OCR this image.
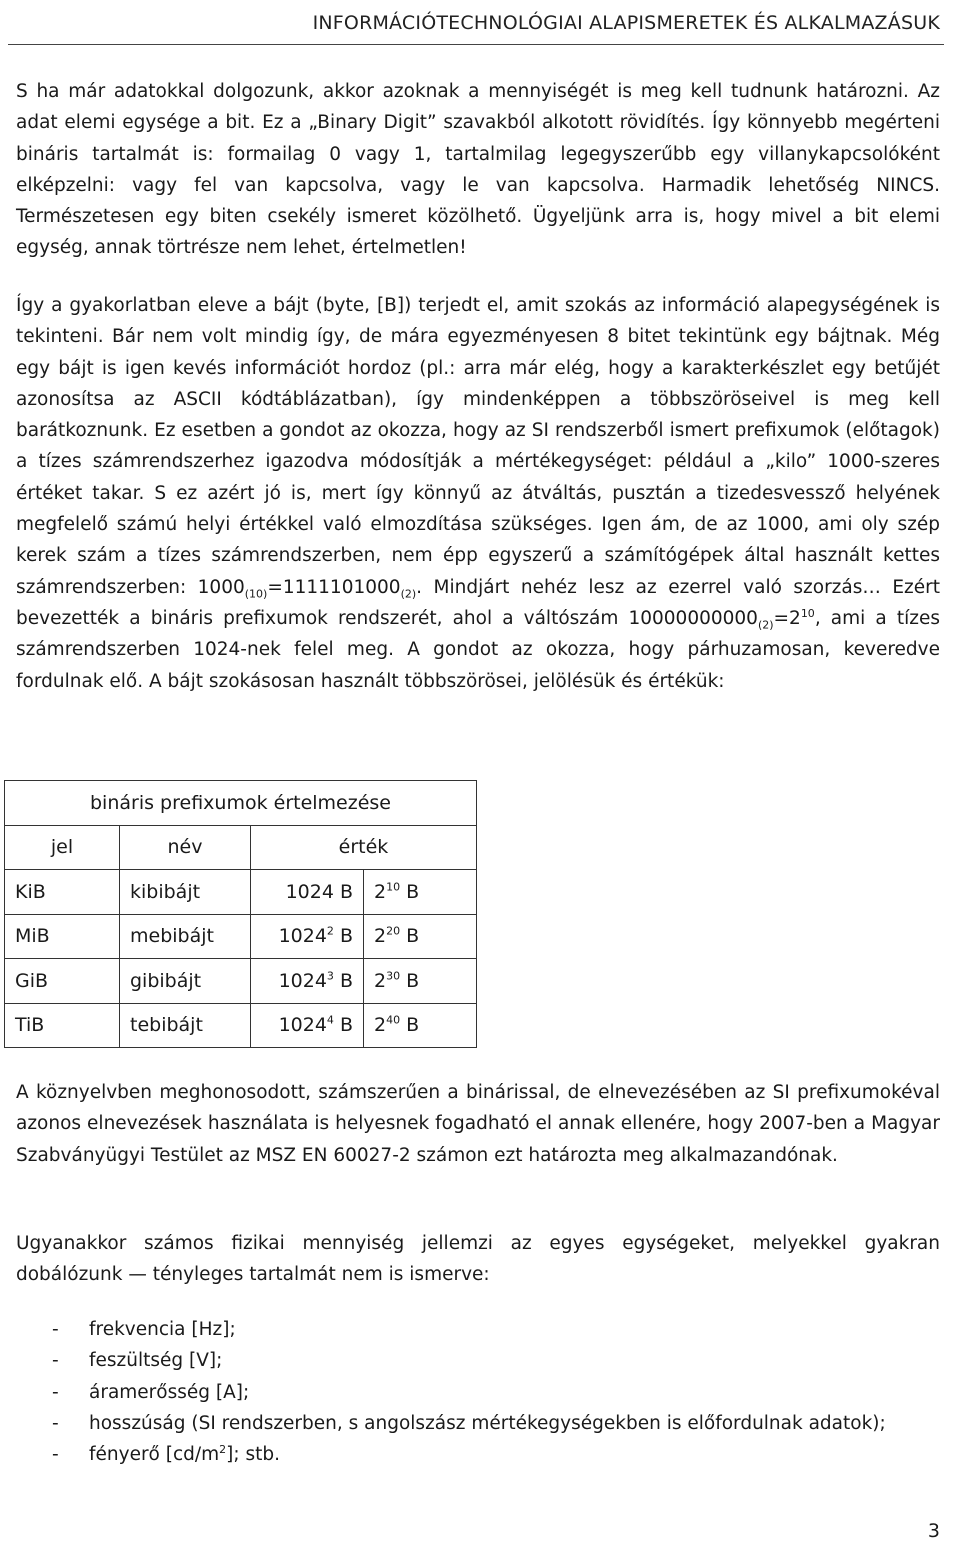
INFORMÁCIÓTECHNOLÓGIAI ALAPISMERETEK ÉS ALKALMAZÁSUK

S ha már adatokkal dolgozunk, akkor azoknak a mennyiségét is meg kell tudnunk határozni. Az adat elemi egysége a bit. Ez a „Binary Digit” szavakból alkotott rövidítés. Így könnyebb megérteni bináris tartalmát is: formailag 0 vagy 1, tartalmilag legegyszerűbb egy villanykapcsolóként elképzelni: vagy fel van kapcsolva, vagy le van kapcsolva. Harmadik lehetőség NINCS. Természetesen egy biten csekély ismeret közölhető. Ügyeljünk arra is, hogy mivel a bit elemi egység, annak törtrésze nem lehet, értelmetlen!

Így a gyakorlatban eleve a bájt (byte, [B]) terjedt el, amit szokás az információ alapegységének is tekinteni. Bár nem volt mindig így, de mára egyezményesen 8 bitet tekintünk egy bájtnak. Még egy bájt is igen kevés információt hordoz (pl.: arra már elég, hogy a karakterkészlet egy betűjét azonosítsa az ASCII kódtáblázatban), így mindenképpen a többszöröseivel is meg kell barátkoznunk. Ez esetben a gondot az okozza, hogy az SI rendszerből ismert prefixumok (előtagok) a tízes számrendszerhez igazodva módosítják a mértékegységet: például a „kilo” 1000-szeres értéket takar. S ez azért jó is, mert így könnyű az átváltás, pusztán a tizedesvessző helyének megfelelő számú helyi értékkel való elmozdítása szükséges. Igen ám, de az 1000, ami oly szép kerek szám a tízes számrendszerben, nem épp egyszerű a számítógépek által használt kettes számrendszerben: $1000_{(10)}=1111101000_{(2)}$. Mindjárt nehéz lesz az ezerrel való szorzás… Ezért bevezették a bináris prefixumok rendszerét, ahol a váltószám $10000000000_{(2)}=2^{10}$, ami a tízes számrendszerben 1024-nek felel meg. A gondot az okozza, hogy párhuzamosan, keveredve fordulnak elő. A bájt szokásosan használt többszörösei, jelölésük és értékük:

bináris prefixumok értelmezése			
jel	név	érték	
KiB	kibibájt	1024 B	$2^{10}$ B
MiB	mebibájt	1024$^2$ B	$2^{20}$ B
GiB	gibibájt	1024$^3$ B	$2^{30}$ B
TiB	tebibájt	1024$^4$ B	$2^{40}$ B

A köznyelvben meghonosodott, számszerűen a binárissal, de elnevezésében az SI prefixumokéval azonos elnevezések használata is helyesnek fogadható el annak ellenére, hogy 2007-ben a Magyar Szabványügyi Testület az MSZ EN 60027-2 számon ezt határozta meg alkalmazandónak.

Ugyanakkor számos fizikai mennyiség jellemzi az egyes egységeket, melyekkel gyakran dobálózunk — tényleges tartalmát nem is ismerve:

- frekvencia [Hz];
- feszültség [V];
- áramerősség [A];
- hosszúság (SI rendszerben, s angolszász mértékegységekben is előfordulnak adatok);
- fényerő $[cd/m^2]$; stb.
3
